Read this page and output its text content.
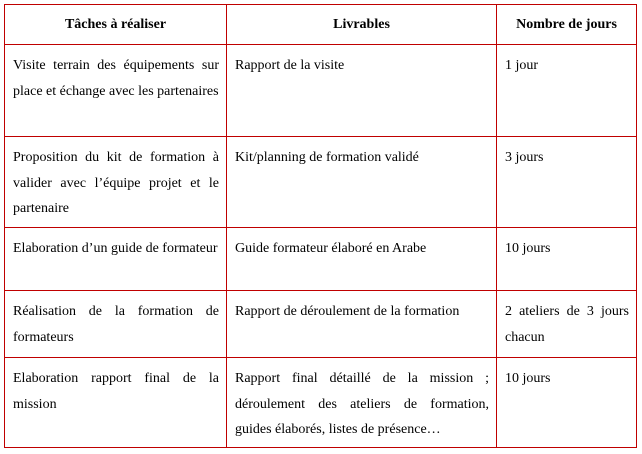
Tâches à réaliser	Livrables	Nombre de jours
Visite terrain des équipements sur place et échange avec les partenaires	Rapport de la visite	1 jour
Proposition du kit de formation à valider avec l’équipe projet et le partenaire	Kit/planning de formation validé	3 jours
Elaboration d’un guide de formateur	Guide formateur élaboré en Arabe	10 jours
Réalisation de la formation de formateurs	Rapport de déroulement de la formation	2 ateliers de 3 jours chacun
Elaboration rapport final de la mission	Rapport final détaillé de la mission ; déroulement des ateliers de formation, guides élaborés, listes de présence…	10 jours
